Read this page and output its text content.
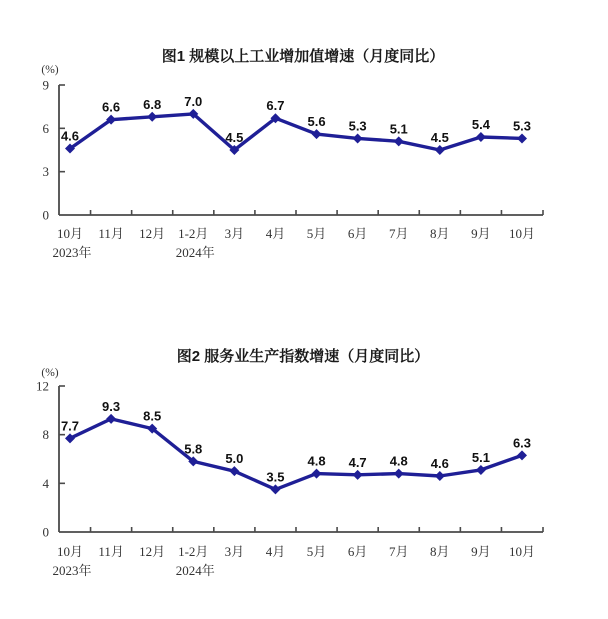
图1 规模以上工业增加值增速（月度同比）
(%)
0
3
6
9
10月 11月 12月 1-2月 3月 4月 5月 6月 7月 8月 9月 10月
2023年	2024年
4.6
6.6 6.8 7.0
4.5
6.7
5.6 5.3 5.1
4.5
5.4 5.3
图2 服务业生产指数增速（月度同比）
(%)
0
4
8
12
10月 11月 12月 1-2月 3月 4月 5月 6月 7月 8月 9月 10月
2023年	2024年
7.7
9.3
8.5
5.8
5.0
3.5
4.8 4.7 4.8 4.6 5.1
6.3
